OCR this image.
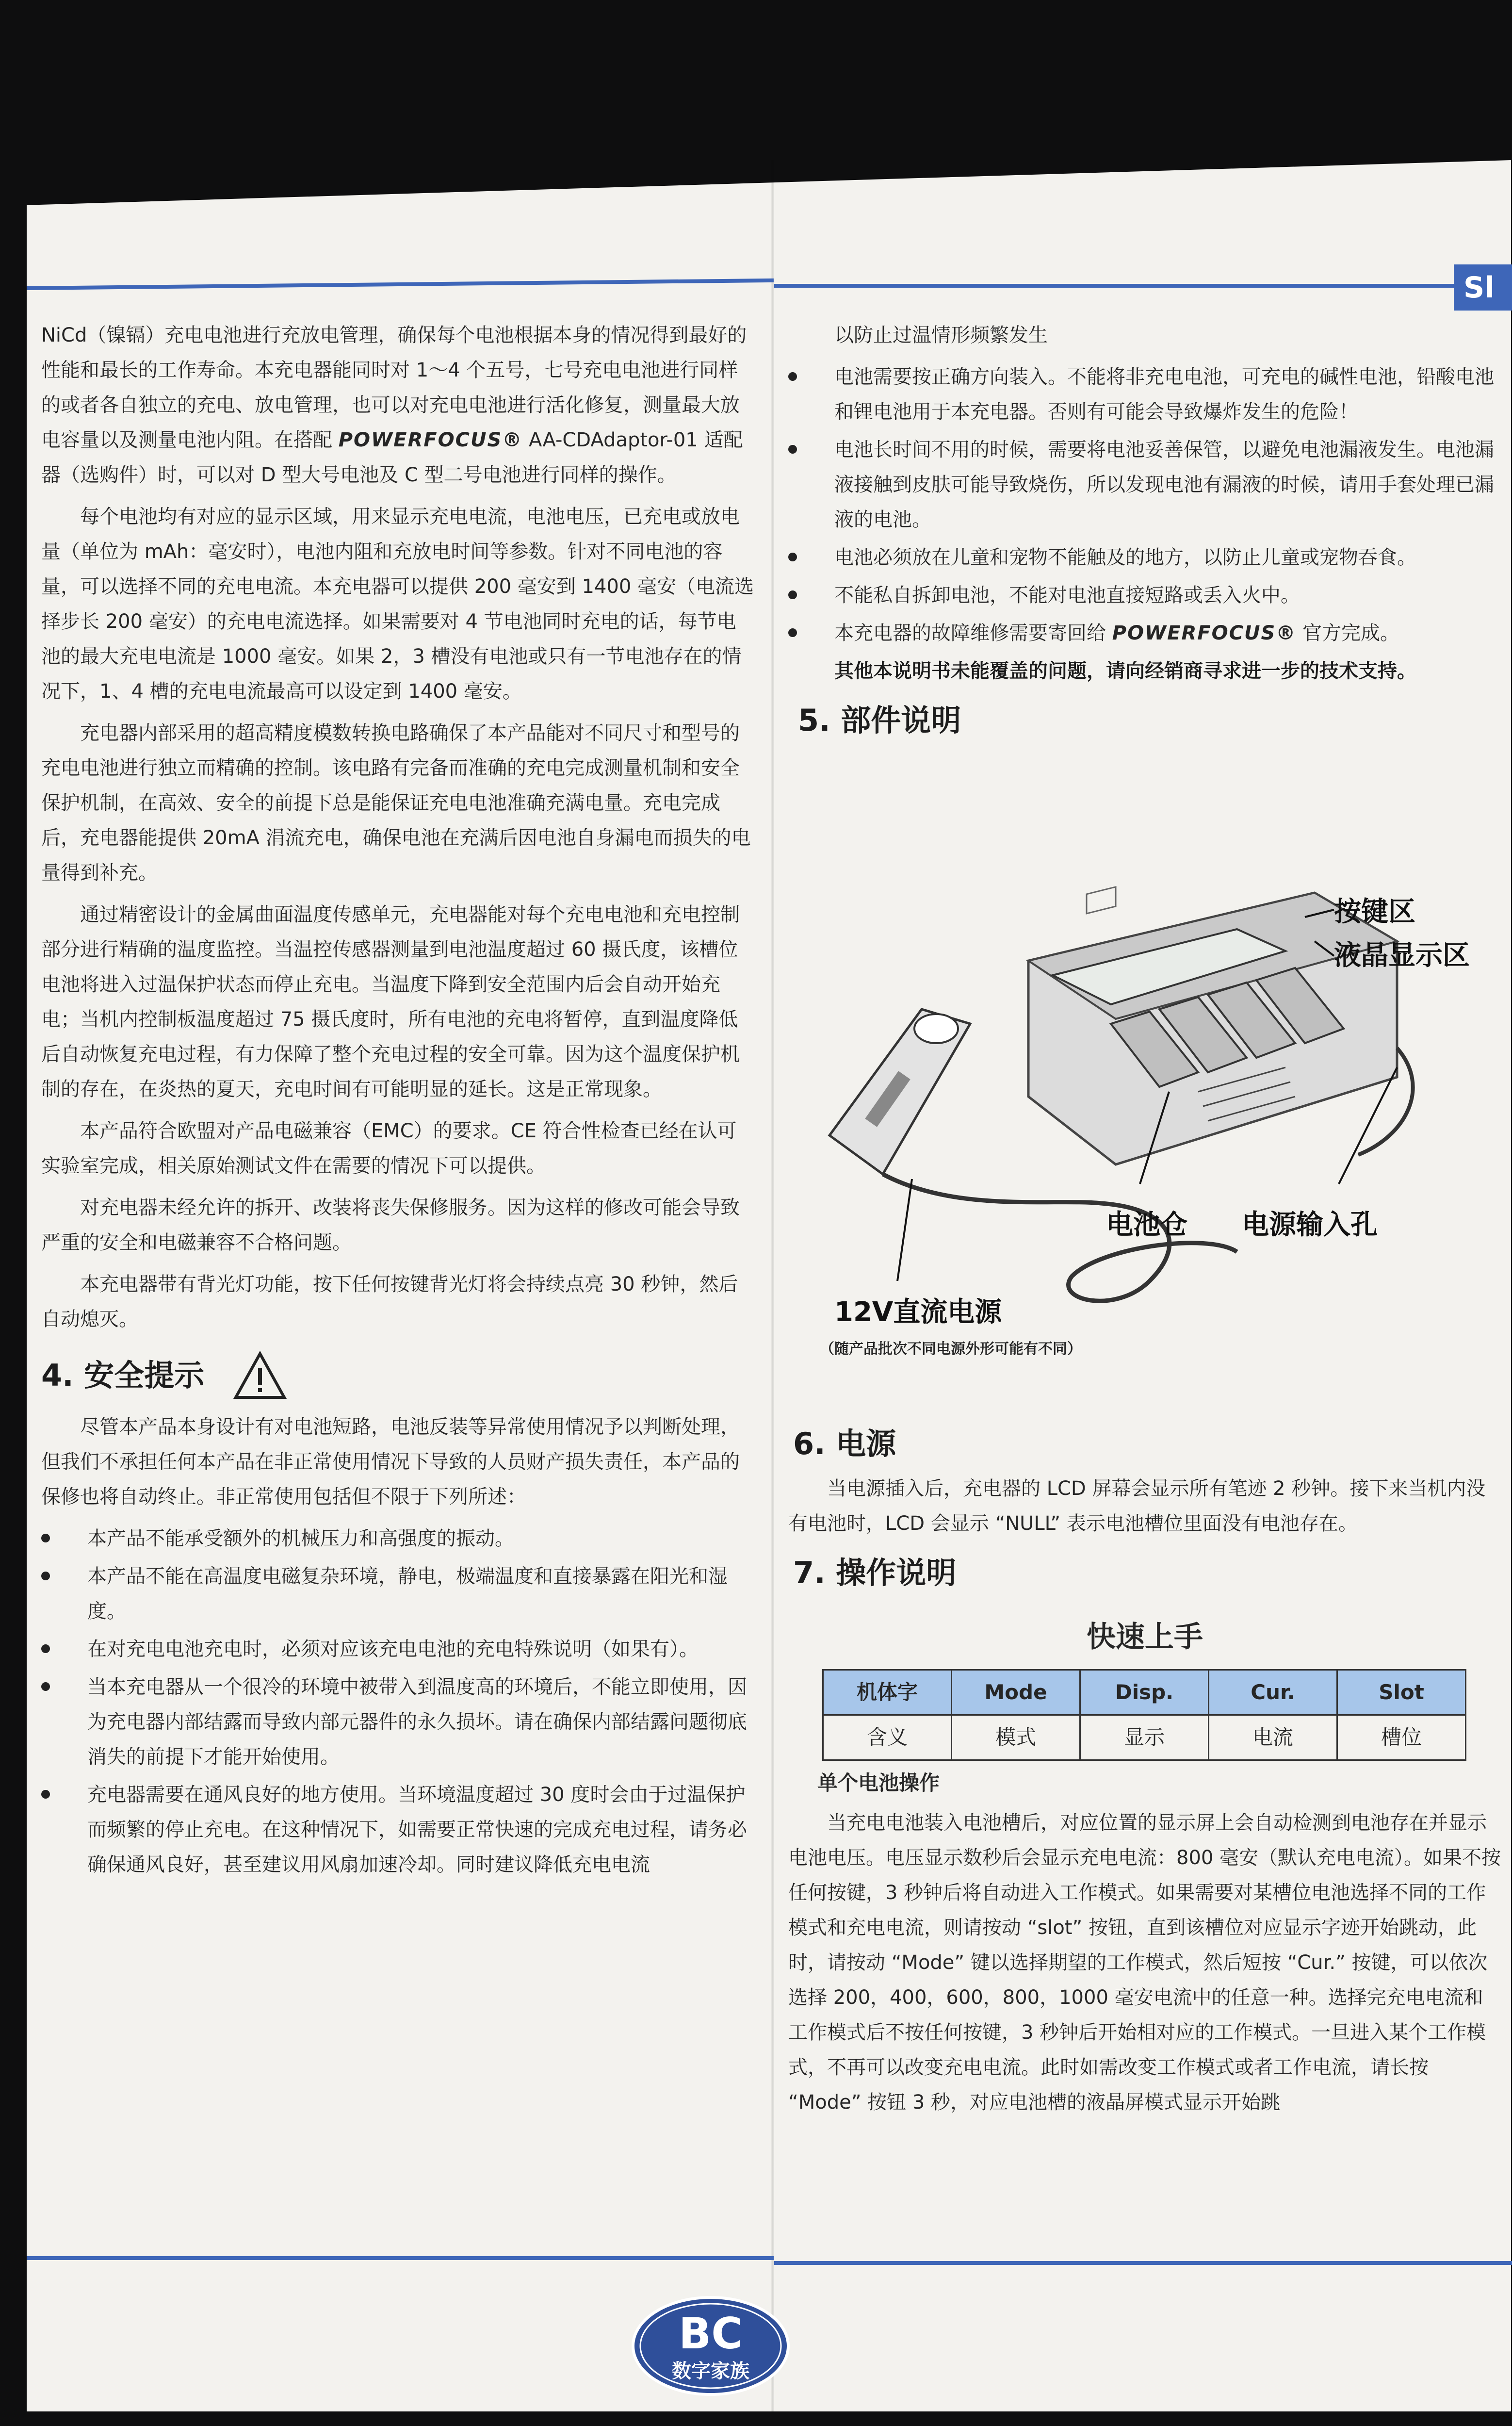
Sl

NiCd（镍镉）充电电池进行充放电管理，确保每个电池根据本身的情况得到最好的性能和最长的工作寿命。本充电器能同时对 1～4 个五号，七号充电电池进行同样的或者各自独立的充电、放电管理，也可以对充电电池进行活化修复，测量最大放电容量以及测量电池内阻。在搭配 POWERFOCUS® AA-CDAdaptor-01 适配器（选购件）时，可以对 D 型大号电池及 C 型二号电池进行同样的操作。

每个电池均有对应的显示区域，用来显示充电电流，电池电压，已充电或放电量（单位为 mAh：毫安时），电池内阻和充放电时间等参数。针对不同电池的容量，可以选择不同的充电电流。本充电器可以提供 200 毫安到 1400 毫安（电流选择步长 200 毫安）的充电电流选择。如果需要对 4 节电池同时充电的话，每节电池的最大充电电流是 1000 毫安。如果 2，3 槽没有电池或只有一节电池存在的情况下，1、4 槽的充电电流最高可以设定到 1400 毫安。

充电器内部采用的超高精度模数转换电路确保了本产品能对不同尺寸和型号的充电电池进行独立而精确的控制。该电路有完备而准确的充电完成测量机制和安全保护机制，在高效、安全的前提下总是能保证充电电池准确充满电量。充电完成后，充电器能提供 20mA 涓流充电，确保电池在充满后因电池自身漏电而损失的电量得到补充。

通过精密设计的金属曲面温度传感单元，充电器能对每个充电电池和充电控制部分进行精确的温度监控。当温控传感器测量到电池温度超过 60 摄氏度，该槽位电池将进入过温保护状态而停止充电。当温度下降到安全范围内后会自动开始充电；当机内控制板温度超过 75 摄氏度时，所有电池的充电将暂停，直到温度降低后自动恢复充电过程，有力保障了整个充电过程的安全可靠。因为这个温度保护机制的存在，在炎热的夏天，充电时间有可能明显的延长。这是正常现象。

本产品符合欧盟对产品电磁兼容（EMC）的要求。CE 符合性检查已经在认可实验室完成，相关原始测试文件在需要的情况下可以提供。

对充电器未经允许的拆开、改装将丧失保修服务。因为这样的修改可能会导致严重的安全和电磁兼容不合格问题。

本充电器带有背光灯功能，按下任何按键背光灯将会持续点亮 30 秒钟，然后自动熄灭。

4. 安全提示

尽管本产品本身设计有对电池短路，电池反装等异常使用情况予以判断处理，但我们不承担任何本产品在非正常使用情况下导致的人员财产损失责任，本产品的保修也将自动终止。非正常使用包括但不限于下列所述：

本产品不能承受额外的机械压力和高强度的振动。
本产品不能在高温度电磁复杂环境，静电，极端温度和直接暴露在阳光和湿度。
在对充电电池充电时，必须对应该充电电池的充电特殊说明（如果有）。
当本充电器从一个很冷的环境中被带入到温度高的环境后，不能立即使用，因为充电器内部结露而导致内部元器件的永久损坏。请在确保内部结露问题彻底消失的前提下才能开始使用。
充电器需要在通风良好的地方使用。当环境温度超过 30 度时会由于过温保护而频繁的停止充电。在这种情况下，如需要正常快速的完成充电过程，请务必确保通风良好，甚至建议用风扇加速冷却。同时建议降低充电电流

以防止过温情形频繁发生

电池需要按正确方向装入。不能将非充电电池，可充电的碱性电池，铅酸电池和锂电池用于本充电器。否则有可能会导致爆炸发生的危险！
电池长时间不用的时候，需要将电池妥善保管，以避免电池漏液发生。电池漏液接触到皮肤可能导致烧伤，所以发现电池有漏液的时候，请用手套处理已漏液的电池。
电池必须放在儿童和宠物不能触及的地方，以防止儿童或宠物吞食。
不能私自拆卸电池，不能对电池直接短路或丢入火中。
本充电器的故障维修需要寄回给 POWERFOCUS® 官方完成。

其他本说明书未能覆盖的问题，请向经销商寻求进一步的技术支持。

5. 部件说明
按键区
液晶显示区
电池仓 电源输入孔
12V直流电源
（随产品批次不同电源外形可能有不同）
6. 电源

当电源插入后，充电器的 LCD 屏幕会显示所有笔迹 2 秒钟。接下来当机内没有电池时，LCD 会显示 “NULL” 表示电池槽位里面没有电池存在。

7. 操作说明
快速上手
机体字	Mode	Disp.	Cur.	Slot
含义	模式	显示	电流	槽位
单个电池操作

当充电电池装入电池槽后，对应位置的显示屏上会自动检测到电池存在并显示电池电压。电压显示数秒后会显示充电电流：800 毫安（默认充电电流）。如果不按任何按键，3 秒钟后将自动进入工作模式。如果需要对某槽位电池选择不同的工作模式和充电电流，则请按动 “slot” 按钮，直到该槽位对应显示字迹开始跳动，此时，请按动 “Mode” 键以选择期望的工作模式，然后短按 “Cur.” 按键，可以依次选择 200，400，600，800，1000 毫安电流中的任意一种。选择完充电电流和工作模式后不按任何按键，3 秒钟后开始相对应的工作模式。一旦进入某个工作模式，不再可以改变充电电流。此时如需改变工作模式或者工作电流，请长按 “Mode” 按钮 3 秒，对应电池槽的液晶屏模式显示开始跳

BC
数字家族
